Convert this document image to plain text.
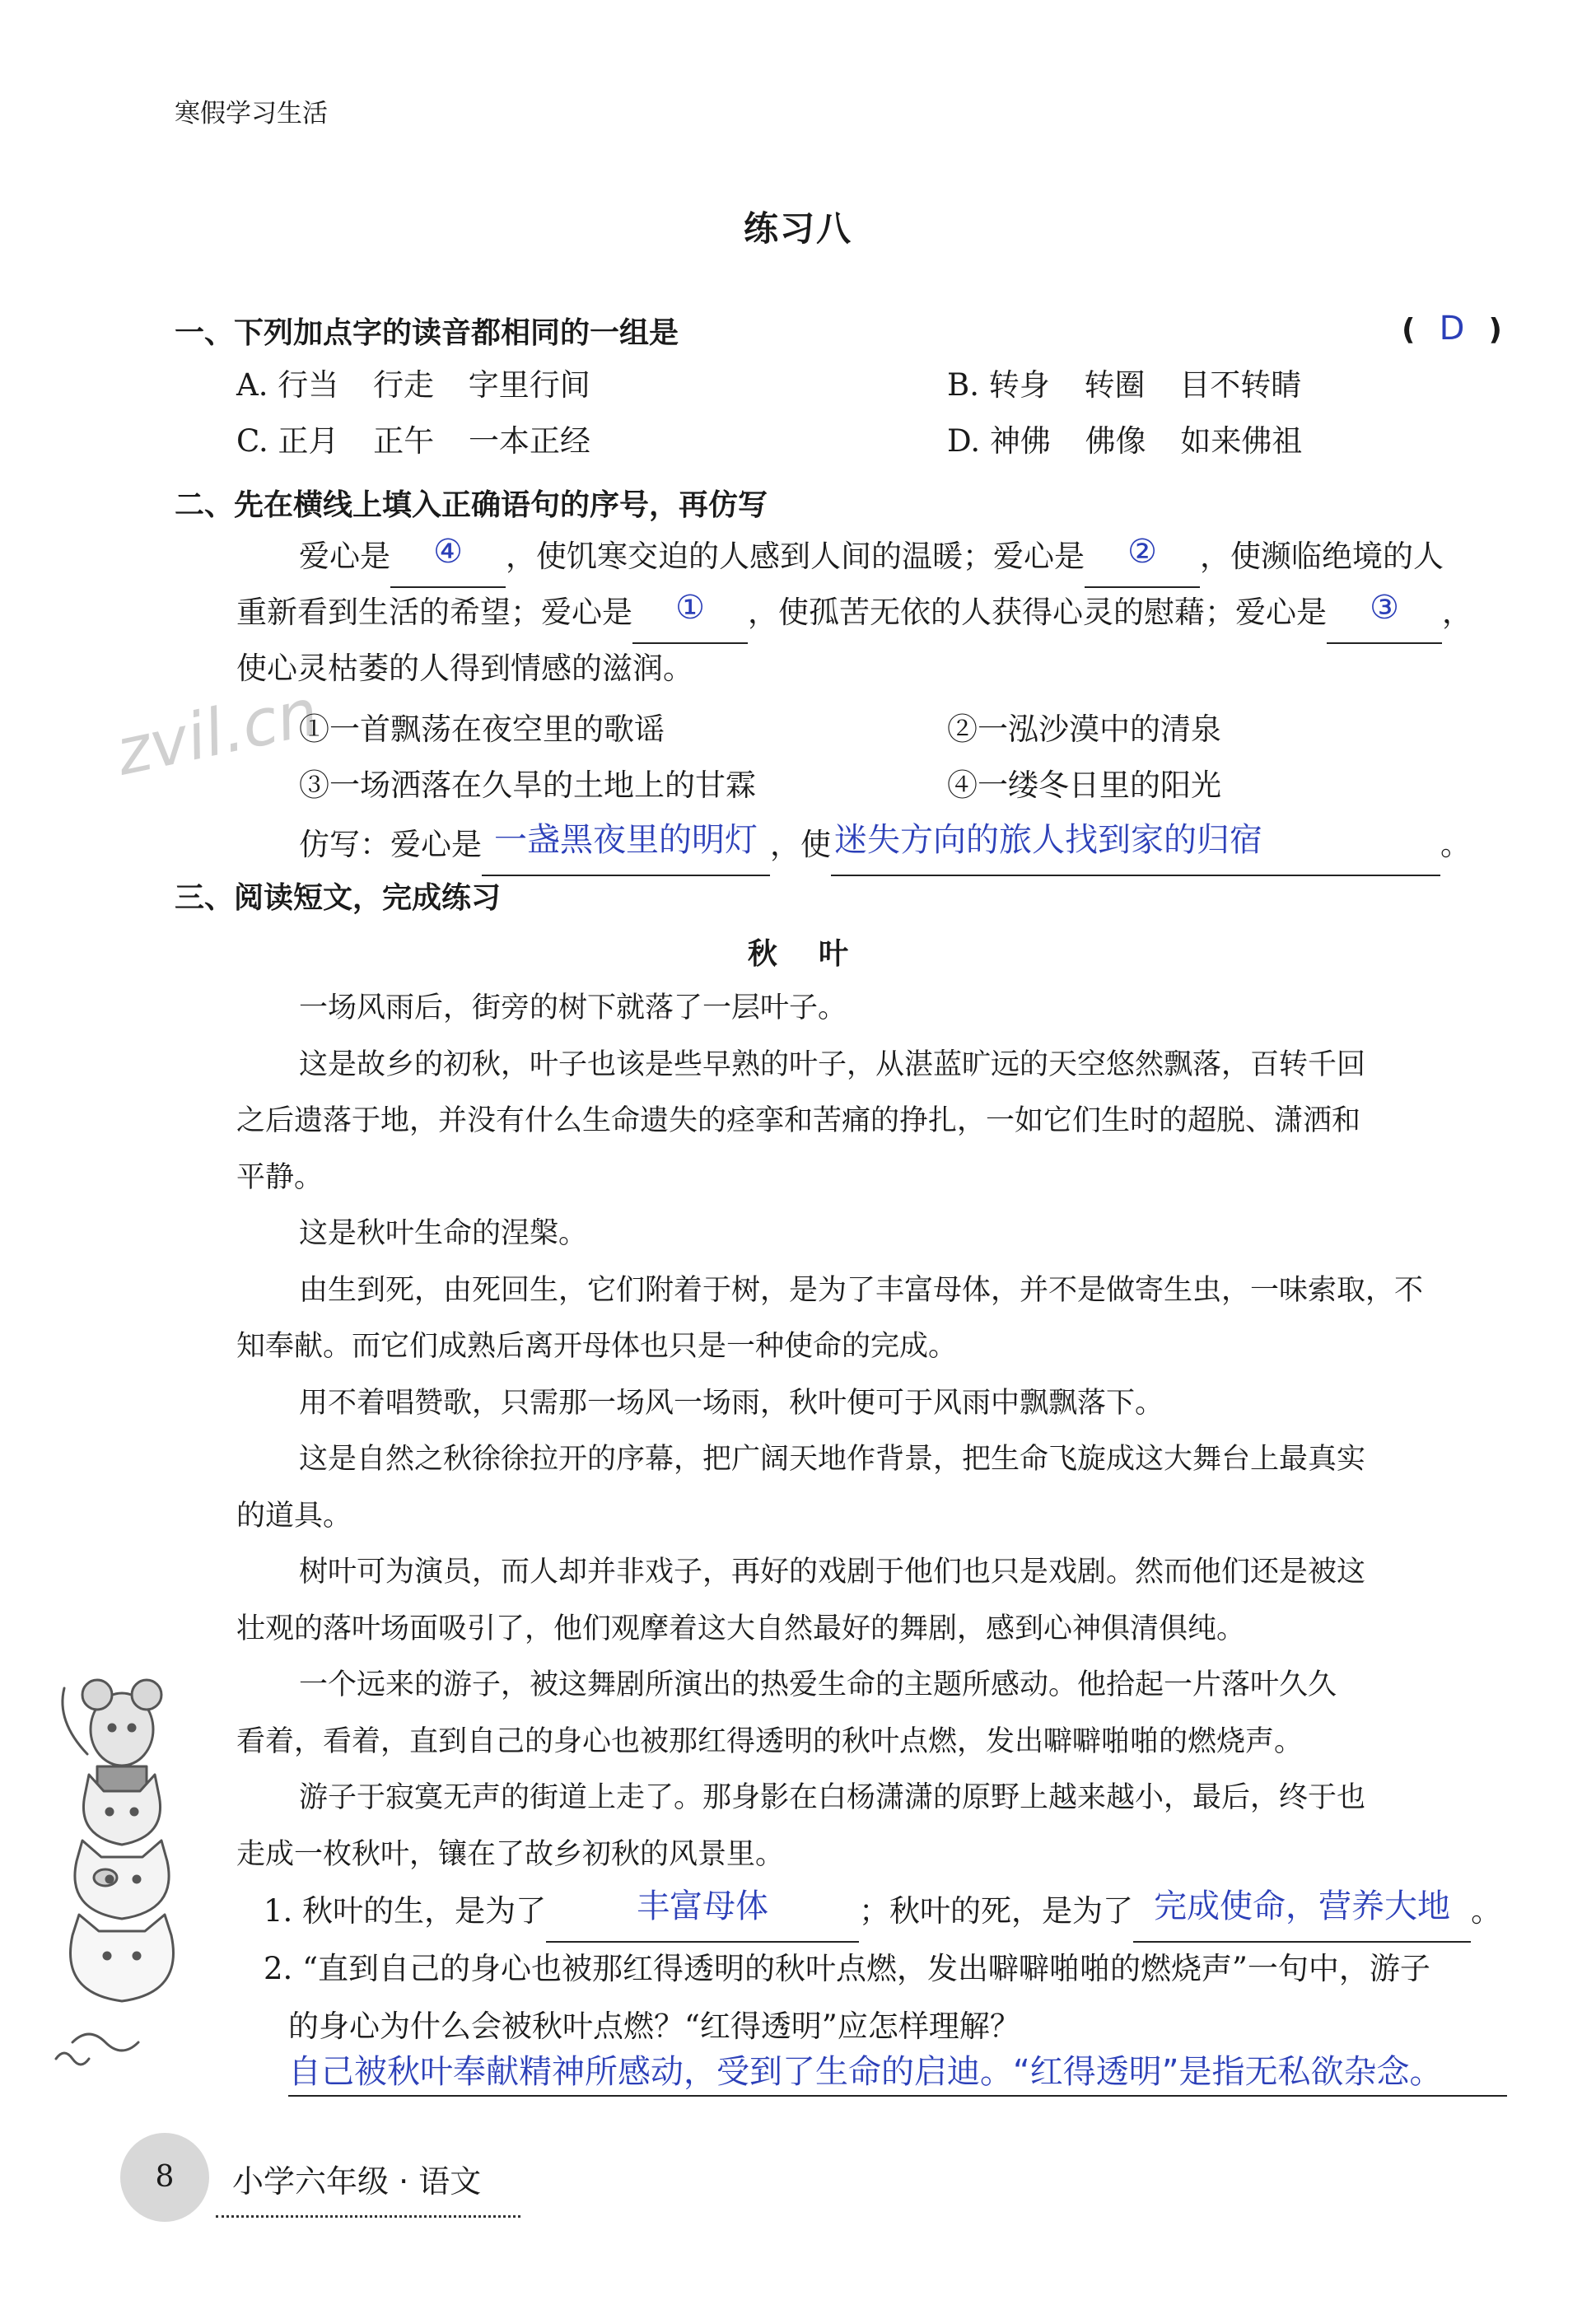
寒假学习生活
练习八
一、下列加点字的读音都相同的一组是	( D )
A. 行当 行走 字里行间	B. 转身 转圈 目不转睛
C. 正月 正午 一本正经	D. 神佛 佛像 如来佛祖
二、先在横线上填入正确语句的序号，再仿写
爱心是	④	，使饥寒交迫的人感到人间的温暖；爱心是	②	，使濒临绝境的人
重新看到生活的希望；爱心是	①	，使孤苦无依的人获得心灵的慰藉；爱心是	③	，
使心灵枯萎的人得到情感的滋润。
zvil.cn
①一首飘荡在夜空里的歌谣	②一泓沙漠中的清泉
③一场洒落在久旱的土地上的甘霖	④一缕冬日里的阳光
仿写：爱心是 一盏黑夜里的明灯 ，使 迷失方向的旅人找到家的归宿	。
三、阅读短文，完成练习
秋    叶
一场风雨后，街旁的树下就落了一层叶子。
这是故乡的初秋，叶子也该是些早熟的叶子，从湛蓝旷远的天空悠然飘落，百转千回
之后遗落于地，并没有什么生命遗失的痉挛和苦痛的挣扎，一如它们生时的超脱、潇洒和
平静。
这是秋叶生命的涅槃。
由生到死，由死回生，它们附着于树，是为了丰富母体，并不是做寄生虫，一味索取，不
知奉献。而它们成熟后离开母体也只是一种使命的完成。
用不着唱赞歌，只需那一场风一场雨，秋叶便可于风雨中飘飘落下。
这是自然之秋徐徐拉开的序幕，把广阔天地作背景，把生命飞旋成这大舞台上最真实
的道具。
树叶可为演员，而人却并非戏子，再好的戏剧于他们也只是戏剧。然而他们还是被这
壮观的落叶场面吸引了，他们观摩着这大自然最好的舞剧，感到心神俱清俱纯。
一个远来的游子，被这舞剧所演出的热爱生命的主题所感动。他拾起一片落叶久久
看着，看着，直到自己的身心也被那红得透明的秋叶点燃，发出噼噼啪啪的燃烧声。
游子于寂寞无声的街道上走了。那身影在白杨潇潇的原野上越来越小，最后，终于也
走成一枚秋叶，镶在了故乡初秋的风景里。
1. 秋叶的生，是为了	丰富母体	；秋叶的死，是为了 完成使命，营养大地 。
2. “直到自己的身心也被那红得透明的秋叶点燃，发出噼噼啪啪的燃烧声”一句中，游子
的身心为什么会被秋叶点燃？“红得透明”应怎样理解？
自己被秋叶奉献精神所感动，受到了生命的启迪。“红得透明”是指无私欲杂念。
8	小学六年级 · 语文
